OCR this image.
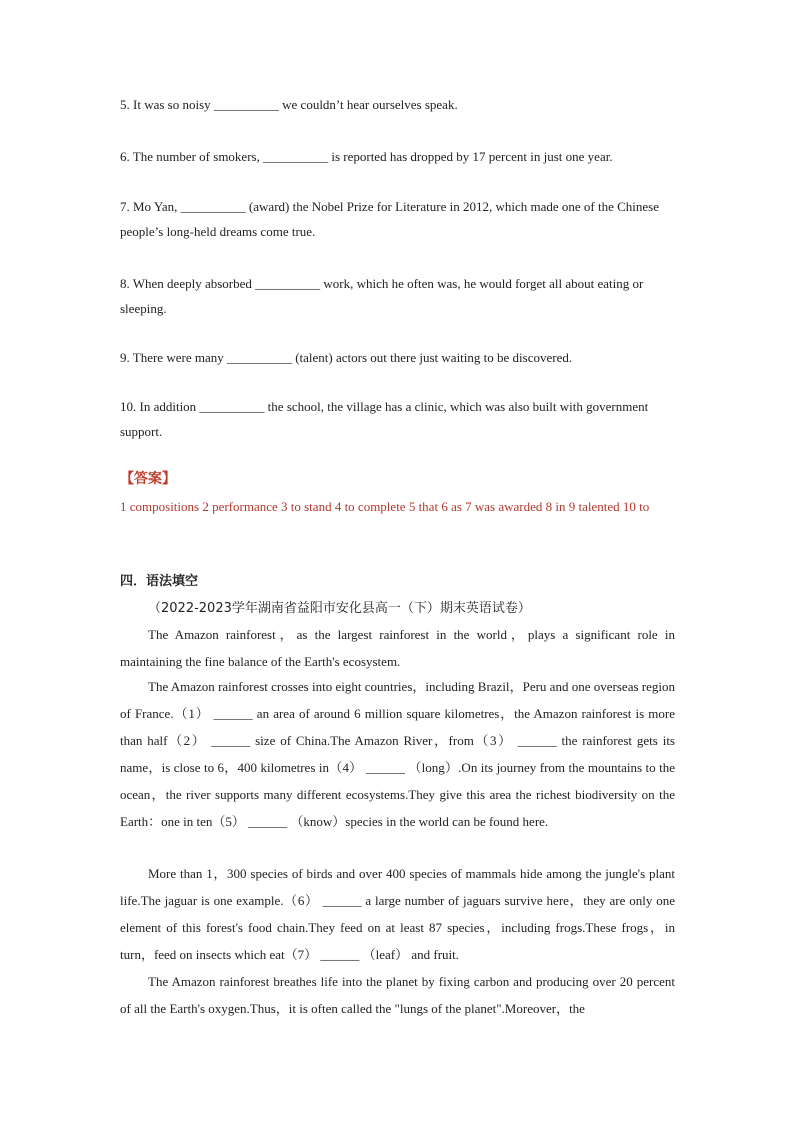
5. It was so noisy __________ we couldn’t hear ourselves speak.
6. The number of smokers, __________ is reported has dropped by 17 percent in just one year.
7. Mo Yan, __________ (award) the Nobel Prize for Literature in 2012, which made one of the Chinese people’s long-held dreams come true.
8. When deeply absorbed __________ work, which he often was, he would forget all about eating or sleeping.
9. There were many __________ (talent) actors out there just waiting to be discovered.
10. In addition __________ the school, the village has a clinic, which was also built with government support.
【答案】
1 compositions 2 performance 3 to stand 4 to complete 5 that 6 as 7 was awarded 8 in 9 talented 10 to
四．语法填空
（2022-2023学年湖南省益阳市安化县高一（下）期末英语试卷）
The Amazon rainforest，as the largest rainforest in the world，plays a significant role in maintaining the fine balance of the Earth's ecosystem.
The Amazon rainforest crosses into eight countries，including Brazil，Peru and one overseas region of France.（1） ______ an area of around 6 million square kilometres，the Amazon rainforest is more than half（2） ______ size of China.The Amazon River，from（3） ______ the rainforest gets its name，is close to 6，400 kilometres in（4） ______ （long）.On its journey from the mountains to the ocean，the river supports many different ecosystems.They give this area the richest biodiversity on the Earth：one in ten（5） ______ （know）species in the world can be found here.
More than 1，300 species of birds and over 400 species of mammals hide among the jungle's plant life.The jaguar is one example.（6） ______ a large number of jaguars survive here，they are only one element of this forest's food chain.They feed on at least 87 species，including frogs.These frogs，in turn，feed on insects which eat（7） ______ （leaf） and fruit.
The Amazon rainforest breathes life into the planet by fixing carbon and producing over 20 percent of all the Earth's oxygen.Thus，it is often called the "lungs of the planet".Moreover，the
